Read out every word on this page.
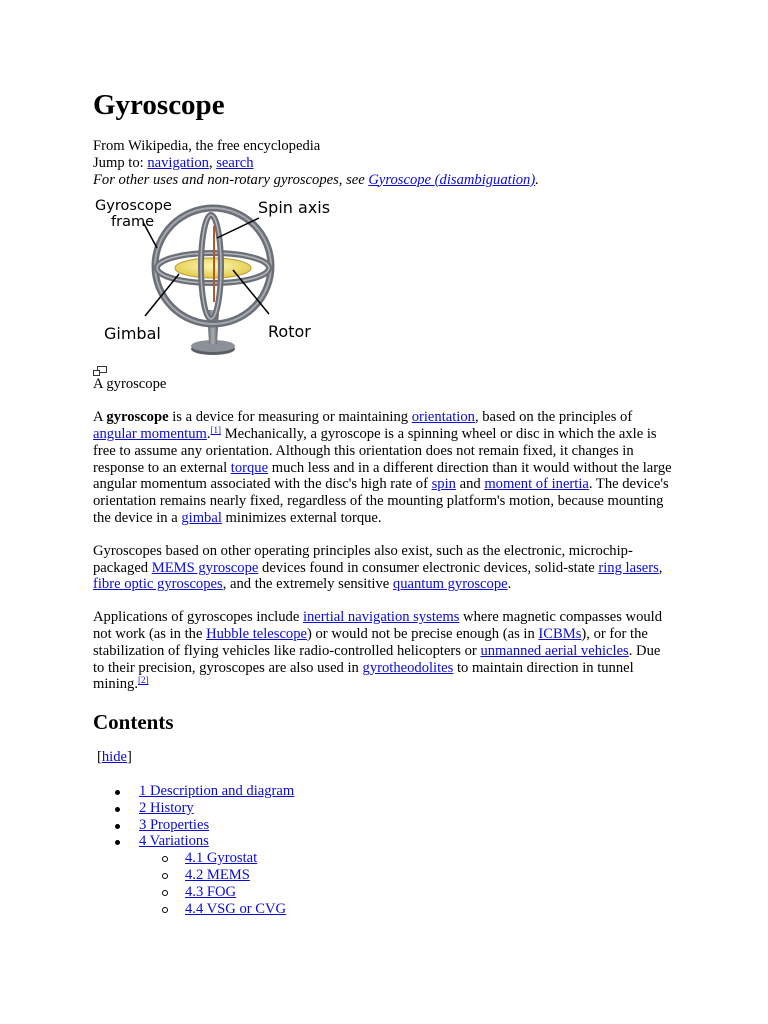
Gyroscope
From Wikipedia, the free encyclopedia
Jump to: navigation, search
For other uses and non-rotary gyroscopes, see Gyroscope (disambiguation).
Gyroscope
frame
Spin axis
Gimbal	Rotor
A gyroscope

A gyroscope is a device for measuring or maintaining orientation, based on the principles of angular momentum.[1] Mechanically, a gyroscope is a spinning wheel or disc in which the axle is free to assume any orientation. Although this orientation does not remain fixed, it changes in response to an external torque much less and in a different direction than it would without the large angular momentum associated with the disc's high rate of spin and moment of inertia. The device's orientation remains nearly fixed, regardless of the mounting platform's motion, because mounting the device in a gimbal minimizes external torque.

Gyroscopes based on other operating principles also exist, such as the electronic, microchip-packaged MEMS gyroscope devices found in consumer electronic devices, solid-state ring lasers, fibre optic gyroscopes, and the extremely sensitive quantum gyroscope.

Applications of gyroscopes include inertial navigation systems where magnetic compasses would not work (as in the Hubble telescope) or would not be precise enough (as in ICBMs), or for the stabilization of flying vehicles like radio-controlled helicopters or unmanned aerial vehicles. Due to their precision, gyroscopes are also used in gyrotheodolites to maintain direction in tunnel mining.[2]

Contents
[hide]
1 Description and diagram
2 History
3 Properties
4 Variations
4.1 Gyrostat
4.2 MEMS
4.3 FOG
4.4 VSG or CVG
